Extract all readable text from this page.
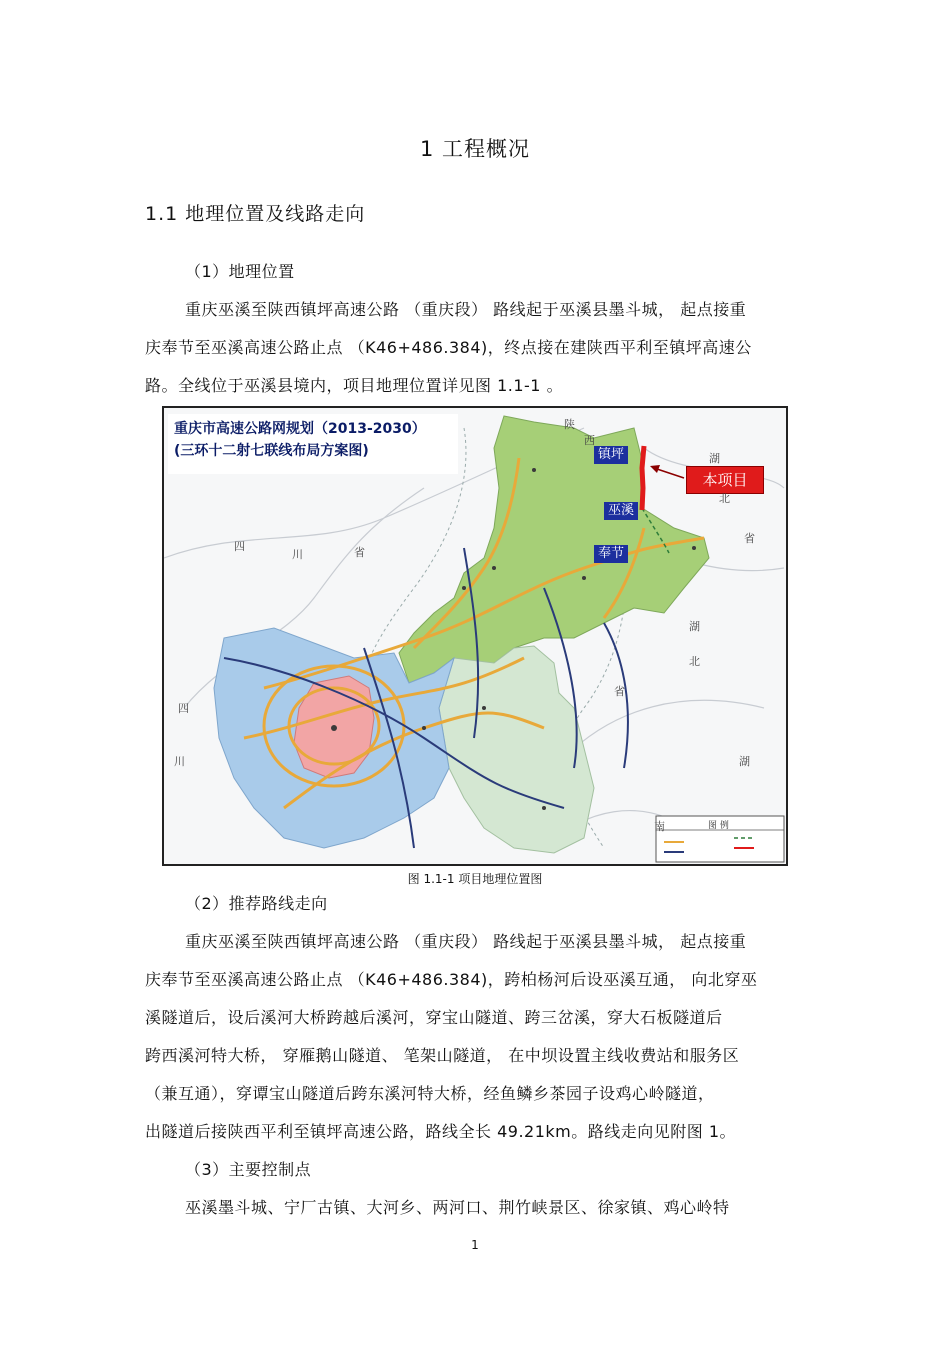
1 工程概况
1.1 地理位置及线路走向
（1）地理位置
重庆巫溪至陕西镇坪高速公路 （重庆段） 路线起于巫溪县墨斗城， 起点接重
庆奉节至巫溪高速公路止点 （K46+486.384)，终点接在建陕西平利至镇坪高速公
路。全线位于巫溪县境内，项目地理位置详见图 1.1-1 。
重庆市高速公路网规划（2013-2030）
(三环十二射七联线布局方案图)	镇坪
巫溪
奉节
本项目
四
川	省
湖
北
省
湖
北
省
四
川	湖
南
陕
西
图 例
图 1.1-1 项目地理位置图
（2）推荐路线走向
重庆巫溪至陕西镇坪高速公路 （重庆段） 路线起于巫溪县墨斗城， 起点接重
庆奉节至巫溪高速公路止点 （K46+486.384)，跨柏杨河后设巫溪互通， 向北穿巫
溪隧道后，设后溪河大桥跨越后溪河，穿宝山隧道、跨三岔溪，穿大石板隧道后
跨西溪河特大桥， 穿雁鹅山隧道、 笔架山隧道， 在中坝设置主线收费站和服务区
（兼互通），穿谭宝山隧道后跨东溪河特大桥，经鱼鳞乡茶园子设鸡心岭隧道，
出隧道后接陕西平利至镇坪高速公路，路线全长 49.21km。路线走向见附图 1。
（3）主要控制点
巫溪墨斗城、宁厂古镇、大河乡、两河口、荆竹峡景区、徐家镇、鸡心岭特
1
